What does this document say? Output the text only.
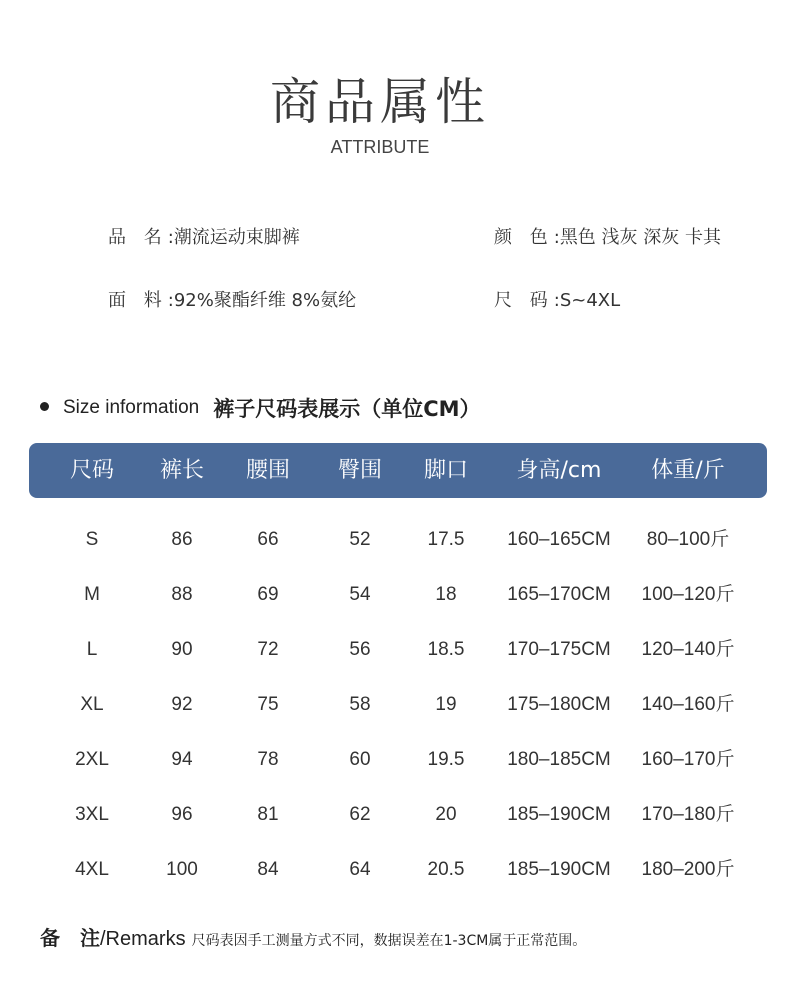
商品属性
ATTRIBUTE
品 名:潮流运动束脚裤	颜 色:黑色 浅灰 深灰 卡其
面 料:92%聚酯纤维 8%氨纶	尺 码:S~4XL
Size information 裤子尺码表展示（单位CM）
尺码	裤长	腰围	臀围	脚口	身高/cm	体重/斤
S	86	66	52	17.5	160–165CM	80–100斤
M	88	69	54	18	165–170CM	100–120斤
L	90	72	56	18.5	170–175CM	120–140斤
XL	92	75	58	19	175–180CM	140–160斤
2XL	94	78	60	19.5	180–185CM	160–170斤
3XL	96	81	62	20	185–190CM	170–180斤
4XL	100	84	64	20.5	185–190CM	180–200斤
备　注/Remarks 尺码表因手工测量方式不同，数据误差在1-3CM属于正常范围。
